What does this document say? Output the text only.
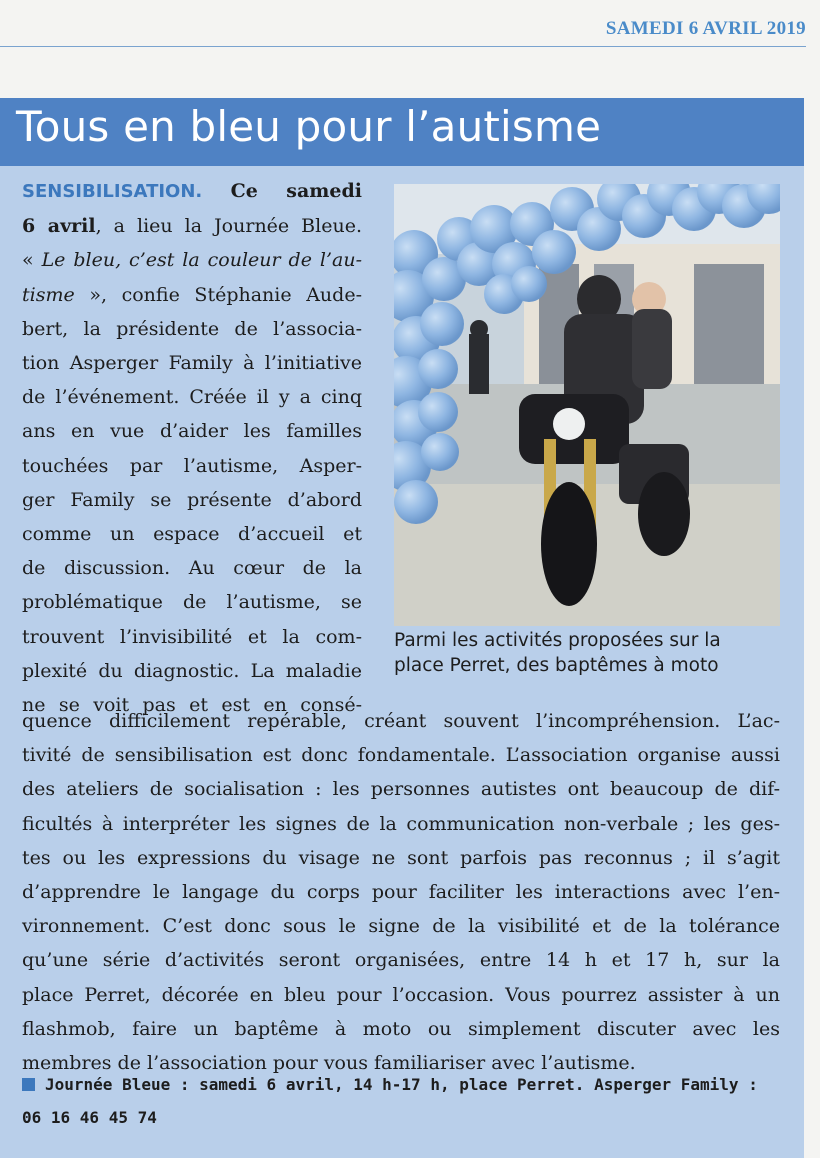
SAMEDI 6 AVRIL 2019
Tous en bleu pour l’autisme
SENSIBILISATION. Ce samedi
6 avril, a lieu la Journée Bleue.
« Le bleu, c’est la couleur de l’au-
tisme », confie Stéphanie Aude-
bert, la présidente de l’associa-
tion Asperger Family à l’initiative
de l’événement. Créée il y a cinq
ans en vue d’aider les familles
touchées par l’autisme, Asper-
ger Family se présente d’abord
comme un espace d’accueil et
de discussion. Au cœur de la
problématique de l’autisme, se
trouvent l’invisibilité et la com-
plexité du diagnostic. La maladie
ne se voit pas et est en consé-
Parmi les activités proposées sur la
place Perret, des baptêmes à moto
quence difficilement repérable, créant souvent l’incompréhension. L’ac-
tivité de sensibilisation est donc fondamentale. L’association organise aussi
des ateliers de socialisation : les personnes autistes ont beaucoup de dif-
ficultés à interpréter les signes de la communication non-verbale ; les ges-
tes ou les expressions du visage ne sont parfois pas reconnus ; il s’agit
d’apprendre le langage du corps pour faciliter les interactions avec l’en-
vironnement. C’est donc sous le signe de la visibilité et de la tolérance
qu’une série d’activités seront organisées, entre 14 h et 17 h, sur la
place Perret, décorée en bleu pour l’occasion. Vous pourrez assister à un
flashmob, faire un baptême à moto ou simplement discuter avec les
membres de l’association pour vous familiariser avec l’autisme.
Journée Bleue : samedi 6 avril, 14 h-17 h, place Perret. Asperger Family :
06 16 46 45 74
